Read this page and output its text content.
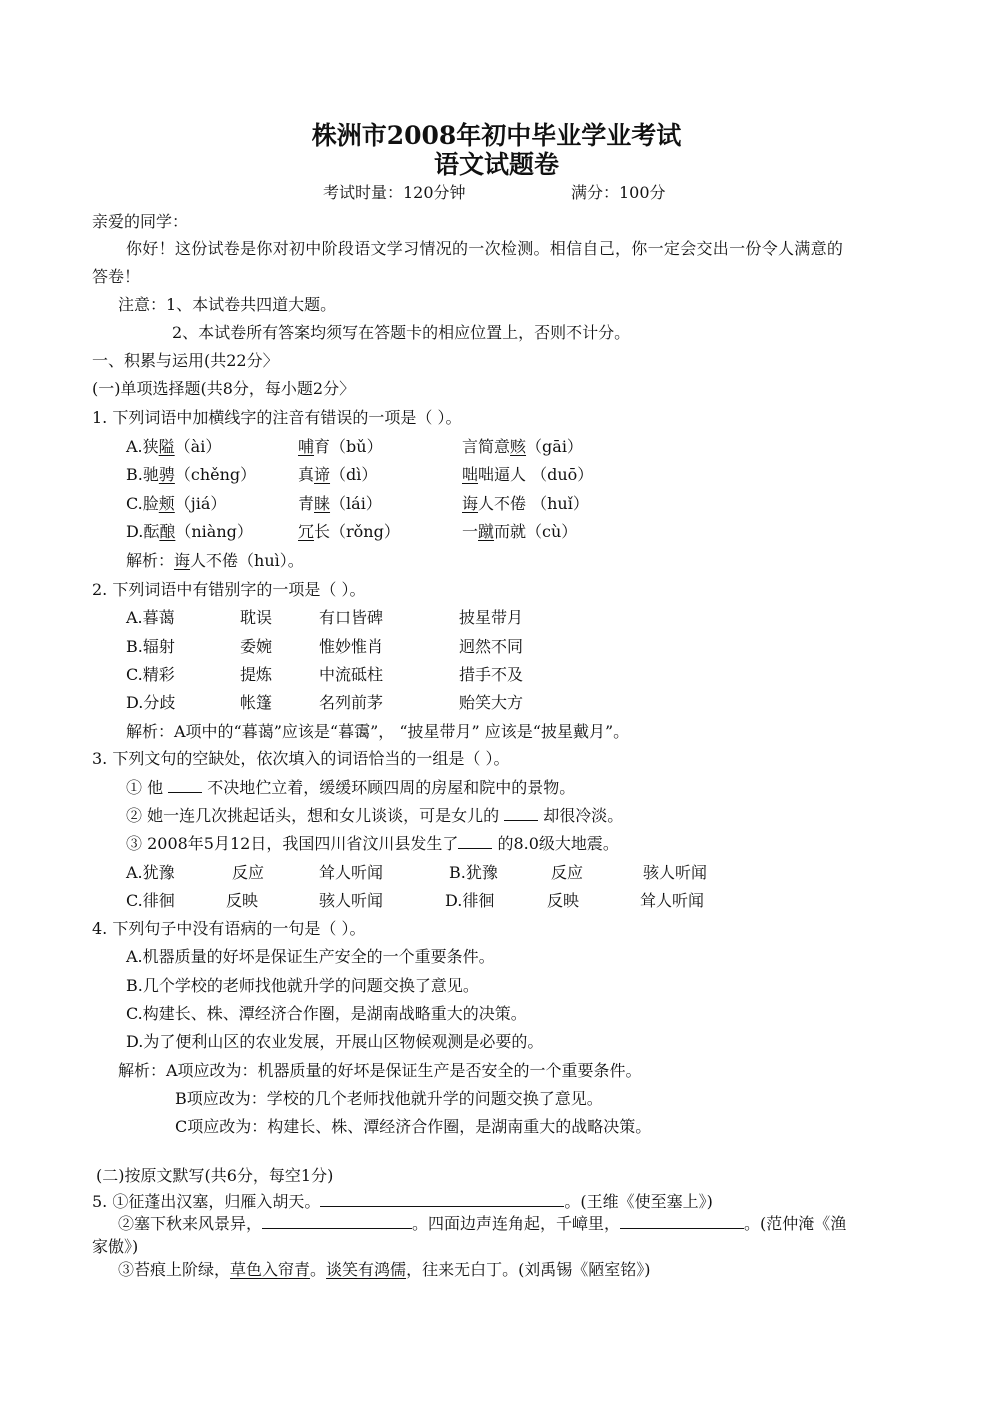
株洲市2008年初中毕业学业考试
语文试题卷
考试时量：120分钟	满分：100分
亲爱的同学：
你好！这份试卷是你对初中阶段语文学习情况的一次检测。相信自己，你一定会交出一份令人满意的
答卷！
注意：1、本试卷共四道大题。
2、本试卷所有答案均须写在答题卡的相应位置上，否则不计分。
一、积累与运用(共22分〉
(一)单项选择题(共8分，每小题2分〉
1. 下列词语中加横线字的注音有错误的一项是（ ）。
A.狭隘（ài）	哺育（bǔ）	言简意赅（gāi）
B.驰骋（chěng）	真谛（dì）	咄咄逼人 （duō）
C.脸颊（jiá）	青睐（lái）	诲人不倦 （huǐ）
D.酝酿（niàng）	冗长（rǒng）	一蹴而就（cù）
解析：诲人不倦（huì）。
2. 下列词语中有错别字的一项是（ ）。
A.暮蔼	耽误	有口皆碑	披星带月
B.辐射	委婉	惟妙惟肖	迥然不同
C.精彩	提炼	中流砥柱	措手不及
D.分歧	帐篷	名列前茅	贻笑大方
解析：A项中的“暮蔼”应该是“暮霭”， “披星带月” 应该是“披星戴月”。
3. 下列文句的空缺处，依次填入的词语恰当的一组是（ ）。
① 他  不决地伫立着，缓缓环顾四周的房屋和院中的景物。
② 她一连几次挑起话头，想和女儿谈谈，可是女儿的  却很冷淡。
③ 2008年5月12日，我国四川省汶川县发生了 的8.0级大地震。
A.犹豫	反应	耸人听闻	B.犹豫	反应	骇人听闻
C.徘徊	反映	骇人听闻	D.徘徊	反映	耸人听闻
4. 下列句子中没有语病的一句是（ ）。
A.机器质量的好坏是保证生产安全的一个重要条件。
B.几个学校的老师找他就升学的问题交换了意见。
C.构建长、株、潭经济合作圈，是湖南战略重大的决策。
D.为了便利山区的农业发展，开展山区物候观测是必要的。
解析：A项应改为：机器质量的好坏是保证生产是否安全的一个重要条件。
B项应改为：学校的几个老师找他就升学的问题交换了意见。
C项应改为：构建长、株、潭经济合作圈，是湖南重大的战略决策。
(二)按原文默写(共6分，每空1分)
5. ①征蓬出汉塞，归雁入胡天。	。(王维《使至塞上》)
②塞下秋来风景异，	。四面边声连角起，千嶂里，	。(范仲淹《渔
家傲》)
③苔痕上阶绿，草色入帘青。谈笑有鸿儒，往来无白丁。(刘禹锡《陋室铭》)
